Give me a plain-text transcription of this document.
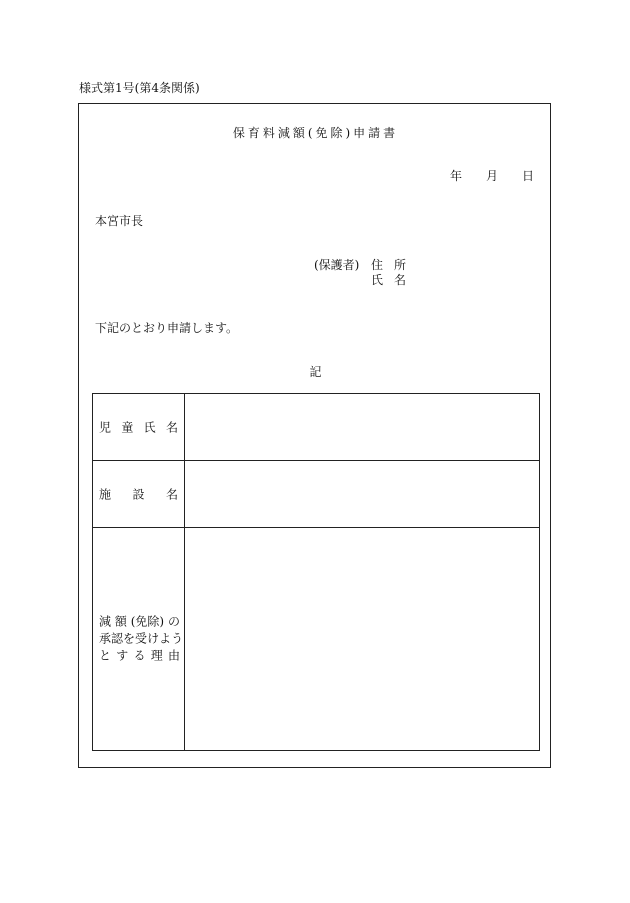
様式第1号(第4条関係)
保育料減額(免除)申請書
年 月 日
本宮市長
(保護者) 住所
氏名
下記のとおり申請します。
記
児 童 氏 名
施 設 名
減 額 (免除) の
承 認 を 受 け よ う
と す る 理 由
